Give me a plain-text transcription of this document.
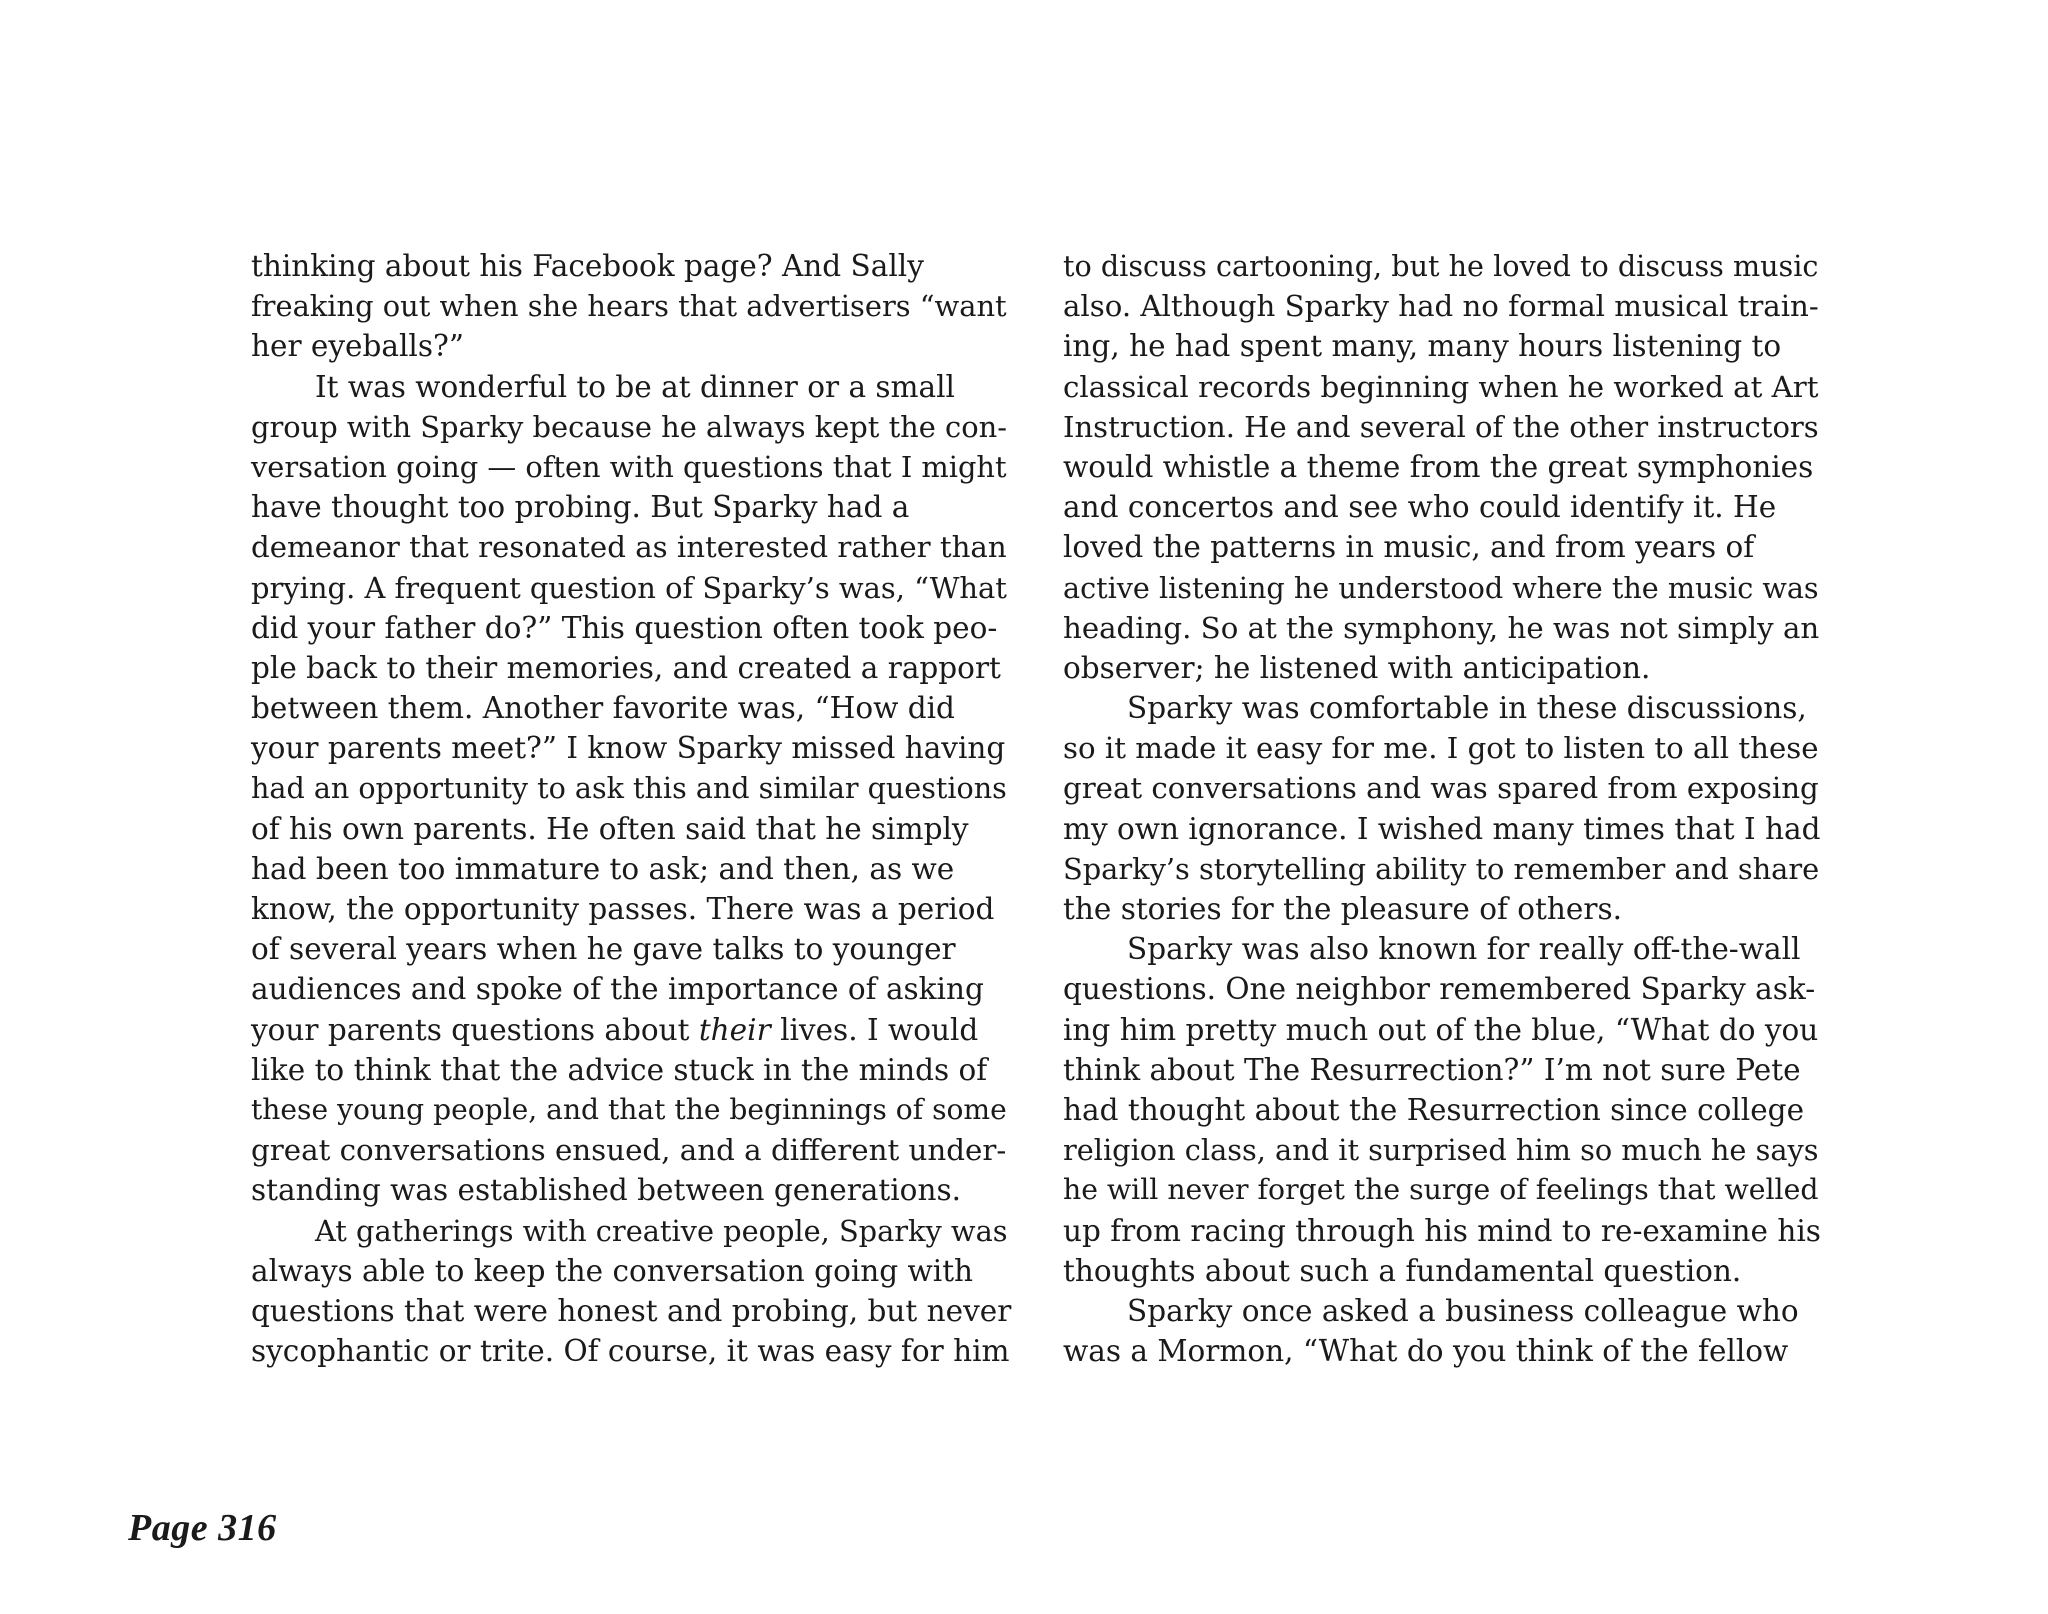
thinking about his Facebook page? And Sally
freaking out when she hears that advertisers “want
her eyeballs?”
It was wonderful to be at dinner or a small
group with Sparky because he always kept the con-
versation going — often with questions that I might
have thought too probing. But Sparky had a
demeanor that resonated as interested rather than
prying. A frequent question of Sparky’s was, “What
did your father do?” This question often took peo-
ple back to their memories, and created a rapport
between them. Another favorite was, “How did
your parents meet?” I know Sparky missed having
had an opportunity to ask this and similar questions
of his own parents. He often said that he simply
had been too immature to ask; and then, as we
know, the opportunity passes. There was a period
of several years when he gave talks to younger
audiences and spoke of the importance of asking
your parents questions about their lives. I would
like to think that the advice stuck in the minds of
these young people, and that the beginnings of some
great conversations ensued, and a different under-
standing was established between generations.
At gatherings with creative people, Sparky was
always able to keep the conversation going with
questions that were honest and probing, but never
sycophantic or trite. Of course, it was easy for him
to discuss cartooning, but he loved to discuss music
also. Although Sparky had no formal musical train-
ing, he had spent many, many hours listening to
classical records beginning when he worked at Art
Instruction. He and several of the other instructors
would whistle a theme from the great symphonies
and concertos and see who could identify it. He
loved the patterns in music, and from years of
active listening he understood where the music was
heading. So at the symphony, he was not simply an
observer; he listened with anticipation.
Sparky was comfortable in these discussions,
so it made it easy for me. I got to listen to all these
great conversations and was spared from exposing
my own ignorance. I wished many times that I had
Sparky’s storytelling ability to remember and share
the stories for the pleasure of others.
Sparky was also known for really off-the-wall
questions. One neighbor remembered Sparky ask-
ing him pretty much out of the blue, “What do you
think about The Resurrection?” I’m not sure Pete
had thought about the Resurrection since college
religion class, and it surprised him so much he says
he will never forget the surge of feelings that welled
up from racing through his mind to re-examine his
thoughts about such a fundamental question.
Sparky once asked a business colleague who
was a Mormon, “What do you think of the fellow
Page 316
